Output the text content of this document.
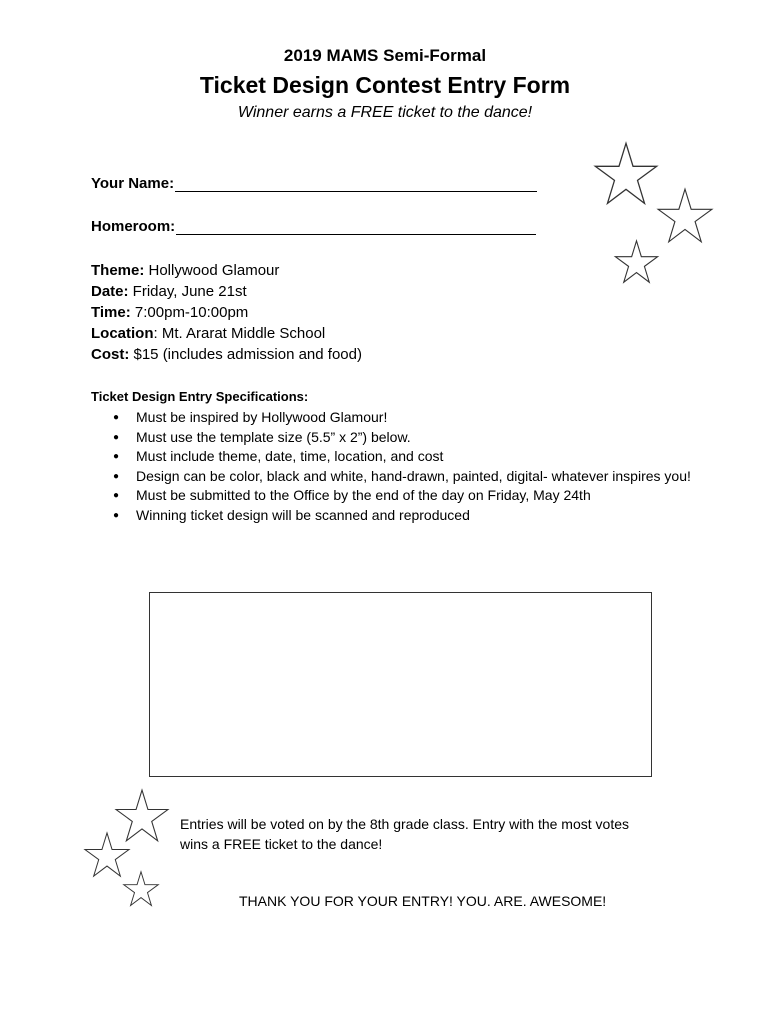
2019 MAMS Semi-Formal
Ticket Design Contest Entry Form
Winner earns a FREE ticket to the dance!
Your Name:
Homeroom:
Theme: Hollywood Glamour
Date: Friday, June 21st
Time: 7:00pm-10:00pm
Location: Mt. Ararat Middle School
Cost: $15 (includes admission and food)
Ticket Design Entry Specifications:
● Must be inspired by Hollywood Glamour!
● Must use the template size (5.5” x 2”) below.
● Must include theme, date, time, location, and cost
● Design can be color, black and white, hand-drawn, painted, digital- whatever inspires you!
● Must be submitted to the Office by the end of the day on Friday, May 24th
● Winning ticket design will be scanned and reproduced
Entries will be voted on by the 8th grade class. Entry with the most votes wins a FREE ticket to the dance!
THANK YOU FOR YOUR ENTRY! YOU. ARE. AWESOME!
